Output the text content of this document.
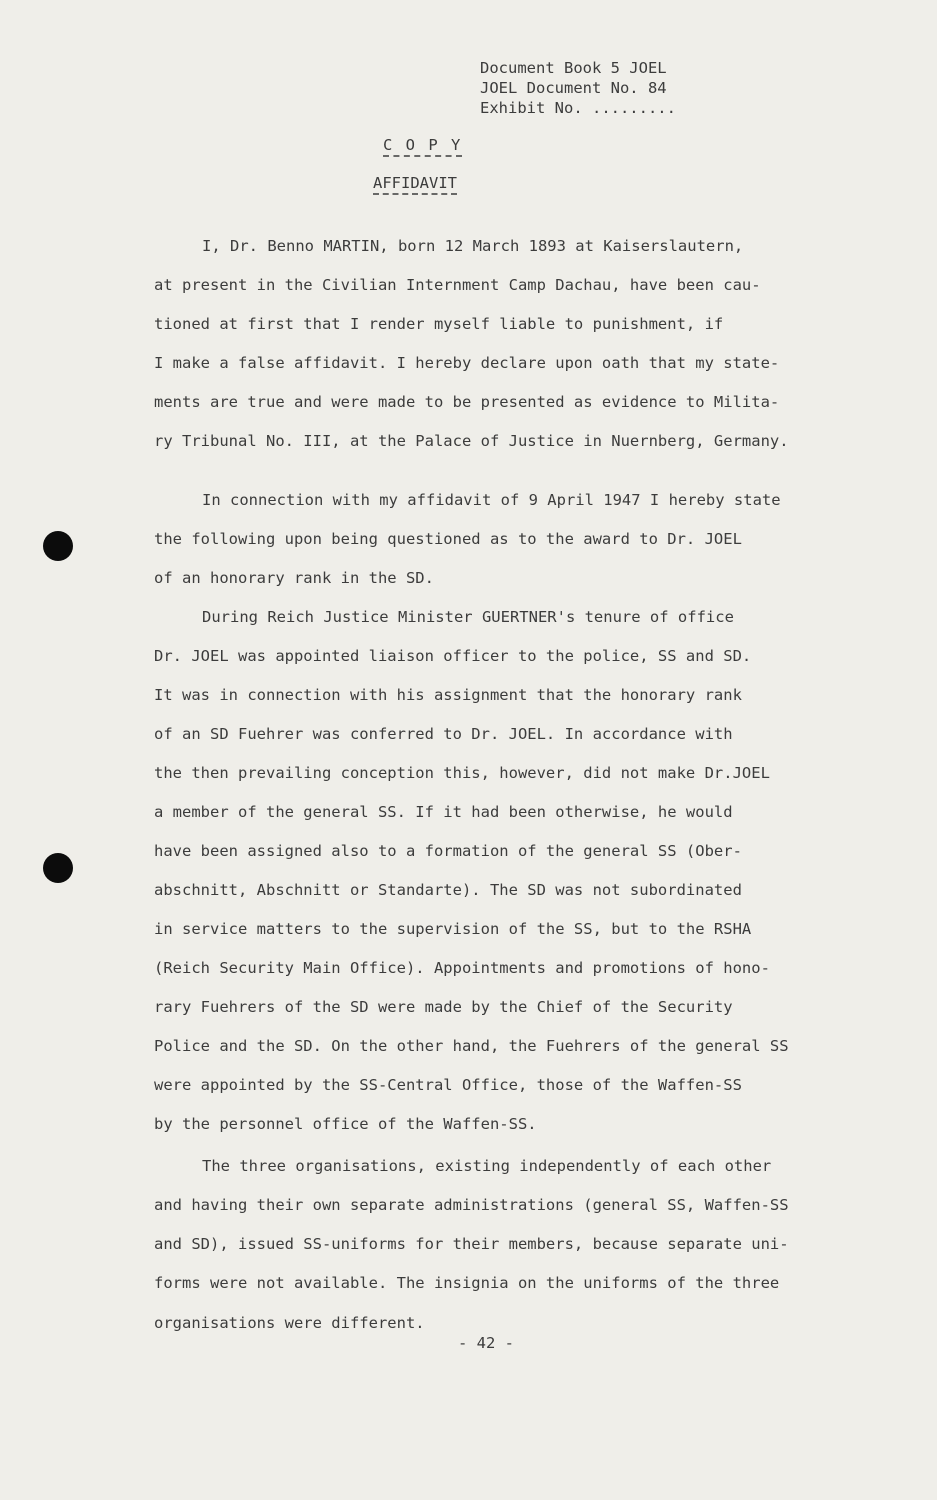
Document Book 5 JOEL
JOEL Document No. 84
Exhibit No. .........
C O P Y
AFFIDAVIT
I, Dr. Benno MARTIN, born 12 March 1893 at Kaiserslautern,
at present in the Civilian Internment Camp Dachau, have been cau-
tioned at first that I render myself liable to punishment, if
I make a false affidavit. I hereby declare upon oath that my state-
ments are true and were made to be presented as evidence to Milita-
ry Tribunal No. III, at the Palace of Justice in Nuernberg, Germany.
In connection with my affidavit of 9 April 1947 I hereby state
the following upon being questioned as to the award to Dr. JOEL
of an honorary rank in the SD.
During Reich Justice Minister GUERTNER's tenure of office
Dr. JOEL was appointed liaison officer to the police, SS and SD.
It was in connection with his assignment that the honorary rank
of an SD Fuehrer was conferred to Dr. JOEL. In accordance with
the then prevailing conception this, however, did not make Dr.JOEL
a member of the general SS. If it had been otherwise, he would
have been assigned also to a formation of the general SS (Ober-
abschnitt, Abschnitt or Standarte). The SD was not subordinated
in service matters to the supervision of the SS, but to the RSHA
(Reich Security Main Office). Appointments and promotions of hono-
rary Fuehrers of the SD were made by the Chief of the Security
Police and the SD. On the other hand, the Fuehrers of the general SS
were appointed by the SS-Central Office, those of the Waffen-SS
by the personnel office of the Waffen-SS.
The three organisations, existing independently of each other
and having their own separate administrations (general SS, Waffen-SS
and SD), issued SS-uniforms for their members, because separate uni-
forms were not available. The insignia on the uniforms of the three
organisations were different.
- 42 -
